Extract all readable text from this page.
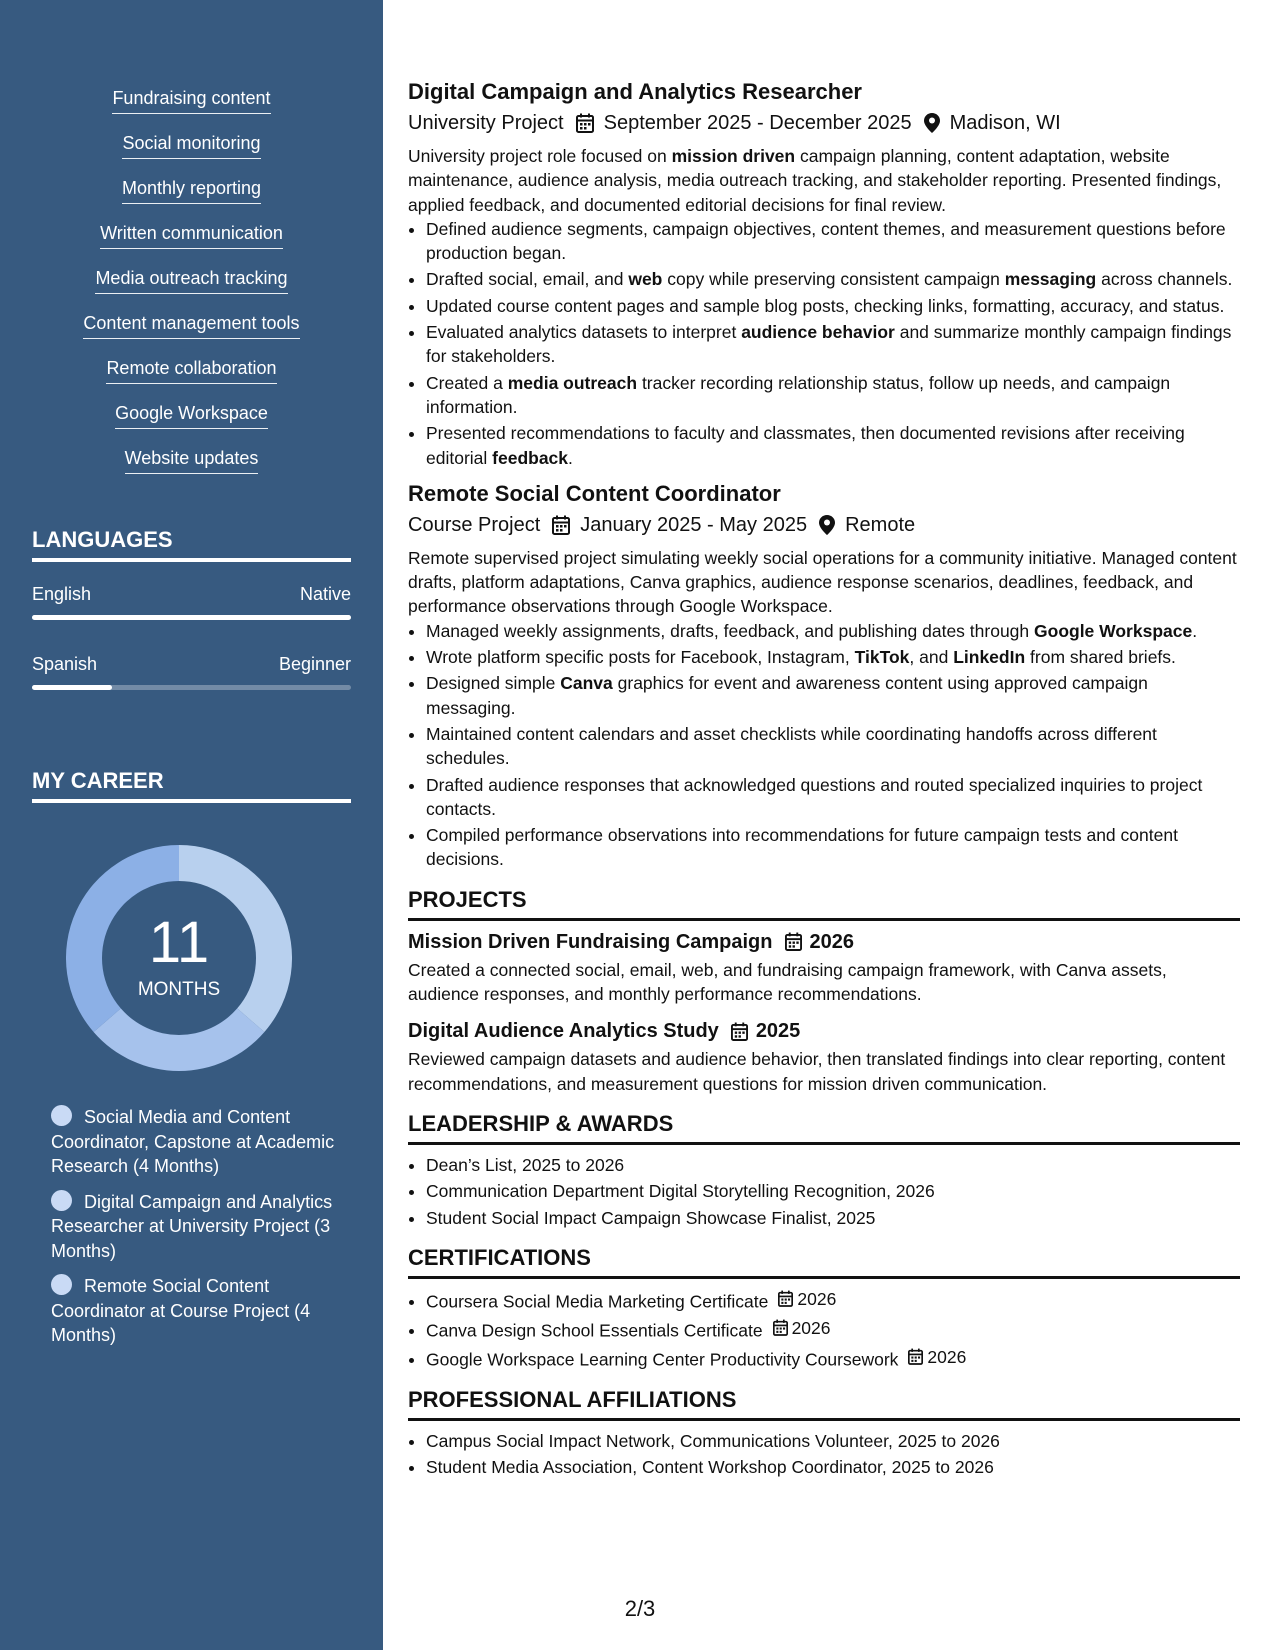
Fundraising content
Social monitoring
Monthly reporting
Written communication
Media outreach tracking
Content management tools
Remote collaboration
Google Workspace
Website updates
LANGUAGES
English	Native
Spanish	Beginner
MY CAREER
11
MONTHS
Social Media and Content Coordinator, Capstone at Academic Research (4 Months)
Digital Campaign and Analytics Researcher at University Project (3 Months)
Remote Social Content Coordinator at Course Project (4 Months)
Digital Campaign and Analytics Researcher
University Project September 2025 - December 2025 Madison, WI
University project role focused on mission driven campaign planning, content adaptation, website maintenance, audience analysis, media outreach tracking, and stakeholder reporting. Presented findings, applied feedback, and documented editorial decisions for final review.
• Defined audience segments, campaign objectives, content themes, and measurement questions before production began.
• Drafted social, email, and web copy while preserving consistent campaign messaging across channels.
• Updated course content pages and sample blog posts, checking links, formatting, accuracy, and status.
• Evaluated analytics datasets to interpret audience behavior and summarize monthly campaign findings for stakeholders.
• Created a media outreach tracker recording relationship status, follow up needs, and campaign information.
• Presented recommendations to faculty and classmates, then documented revisions after receiving editorial feedback.
Remote Social Content Coordinator
Course Project January 2025 - May 2025 Remote
Remote supervised project simulating weekly social operations for a community initiative. Managed content drafts, platform adaptations, Canva graphics, audience response scenarios, deadlines, feedback, and performance observations through Google Workspace.
• Managed weekly assignments, drafts, feedback, and publishing dates through Google Workspace.
• Wrote platform specific posts for Facebook, Instagram, TikTok, and LinkedIn from shared briefs.
• Designed simple Canva graphics for event and awareness content using approved campaign messaging.
• Maintained content calendars and asset checklists while coordinating handoffs across different schedules.
• Drafted audience responses that acknowledged questions and routed specialized inquiries to project contacts.
• Compiled performance observations into recommendations for future campaign tests and content decisions.
PROJECTS
Mission Driven Fundraising Campaign 2026
Created a connected social, email, web, and fundraising campaign framework, with Canva assets, audience responses, and monthly performance recommendations.
Digital Audience Analytics Study 2025
Reviewed campaign datasets and audience behavior, then translated findings into clear reporting, content recommendations, and measurement questions for mission driven communication.
LEADERSHIP & AWARDS
• Dean’s List, 2025 to 2026
• Communication Department Digital Storytelling Recognition, 2026
• Student Social Impact Campaign Showcase Finalist, 2025
CERTIFICATIONS
• Coursera Social Media Marketing Certificate 2026
• Canva Design School Essentials Certificate 2026
• Google Workspace Learning Center Productivity Coursework 2026
PROFESSIONAL AFFILIATIONS
• Campus Social Impact Network, Communications Volunteer, 2025 to 2026
• Student Media Association, Content Workshop Coordinator, 2025 to 2026
2/3
